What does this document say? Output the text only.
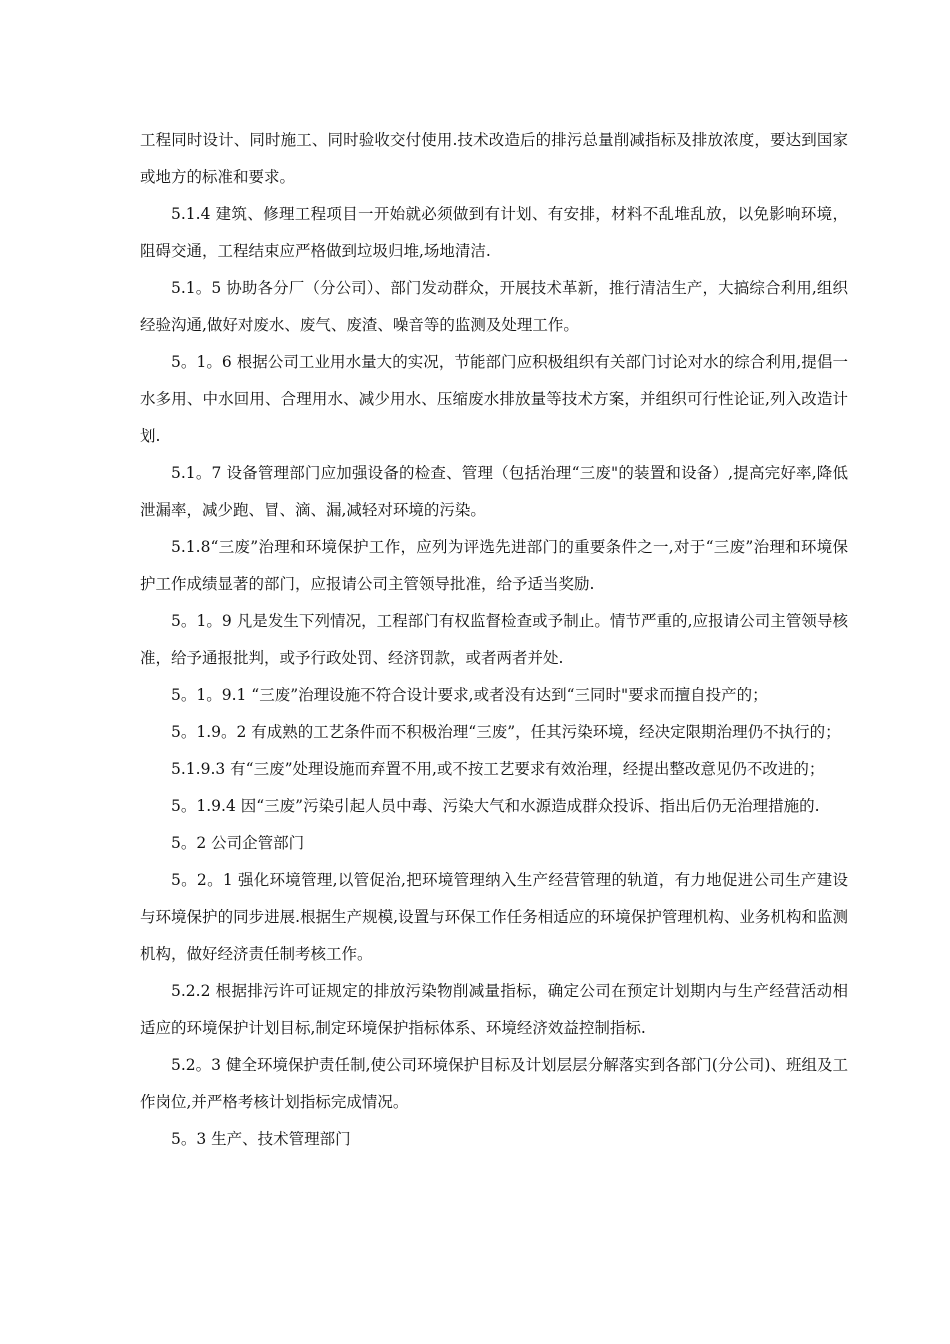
工程同时设计、同时施工、同时验收交付使用.技术改造后的排污总量削减指标及排放浓度，要达到国家或地方的标准和要求。

5.1.4 建筑、修理工程项目一开始就必须做到有计划、有安排，材料不乱堆乱放，以免影响环境，阻碍交通，工程结束应严格做到垃圾归堆,场地清洁.

5.1。5 协助各分厂（分公司）、部门发动群众，开展技术革新，推行清洁生产，大搞综合利用,组织经验沟通,做好对废水、废气、废渣、噪音等的监测及处理工作。

5。1。6 根据公司工业用水量大的实况，节能部门应积极组织有关部门讨论对水的综合利用,提倡一水多用、中水回用、合理用水、减少用水、压缩废水排放量等技术方案，并组织可行性论证,列入改造计划.

5.1。7 设备管理部门应加强设备的检查、管理（包括治理“三废"的装置和设备）,提高完好率,降低泄漏率，减少跑、冒、滴、漏,减轻对环境的污染。

5.1.8“三废”治理和环境保护工作，应列为评选先进部门的重要条件之一,对于“三废”治理和环境保护工作成绩显著的部门，应报请公司主管领导批准，给予适当奖励.

5。1。9 凡是发生下列情况，工程部门有权监督检查或予制止。情节严重的,应报请公司主管领导核准，给予通报批判，或予行政处罚、经济罚款，或者两者并处.

5。1。9.1 “三废”治理设施不符合设计要求,或者没有达到“三同时"要求而擅自投产的；

5。1.9。2 有成熟的工艺条件而不积极治理“三废”，任其污染环境，经决定限期治理仍不执行的；

5.1.9.3 有“三废”处理设施而弃置不用,或不按工艺要求有效治理，经提出整改意见仍不改进的；

5。1.9.4 因“三废”污染引起人员中毒、污染大气和水源造成群众投诉、指出后仍无治理措施的.

5。2 公司企管部门

5。2。1 强化环境管理,以管促治,把环境管理纳入生产经营管理的轨道，有力地促进公司生产建设与环境保护的同步进展.根据生产规模,设置与环保工作任务相适应的环境保护管理机构、业务机构和监测机构，做好经济责任制考核工作。

5.2.2 根据排污许可证规定的排放污染物削减量指标，确定公司在预定计划期内与生产经营活动相适应的环境保护计划目标,制定环境保护指标体系、环境经济效益控制指标.

5.2。3 健全环境保护责任制,使公司环境保护目标及计划层层分解落实到各部门(分公司)、班组及工作岗位,并严格考核计划指标完成情况。

5。3 生产、技术管理部门
